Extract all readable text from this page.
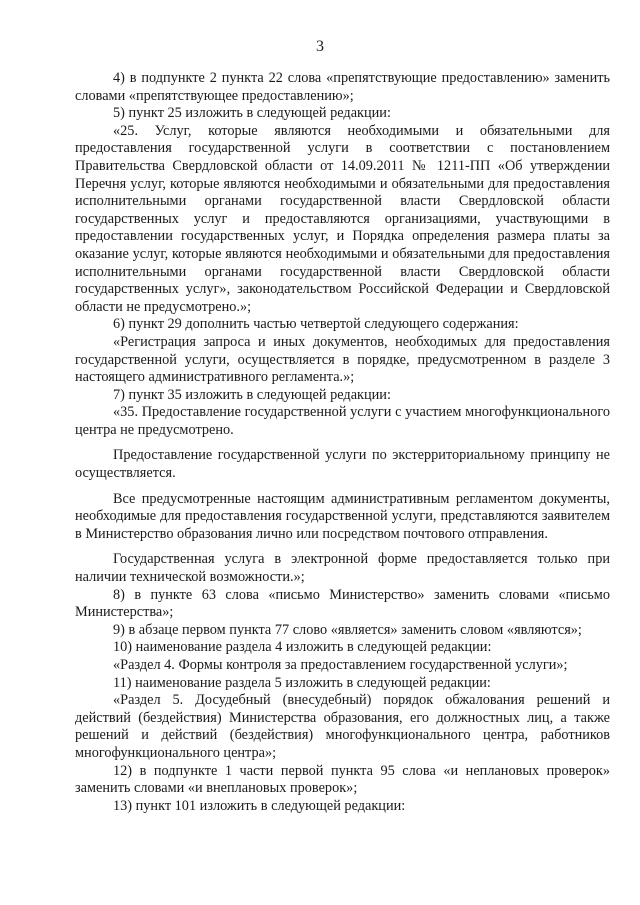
3

4) в подпункте 2 пункта 22 слова «препятствующие предоставлению» заменить словами «препятствующее предоставлению»;

5) пункт 25 изложить в следующей редакции:

«25. Услуг, которые являются необходимыми и обязательными для предоставления государственной услуги в соответствии с постановлением Правительства Свердловской области от 14.09.2011 № 1211-ПП «Об утверждении Перечня услуг, которые являются необходимыми и обязательными для предоставления исполнительными органами государственной власти Свердловской области государственных услуг и предоставляются организациями, участвующими в предоставлении государственных услуг, и Порядка определения размера платы за оказание услуг, которые являются необходимыми и обязательными для предоставления исполнительными органами государственной власти Свердловской области государственных услуг», законодательством Российской Федерации и Свердловской области не предусмотрено.»;

6) пункт 29 дополнить частью четвертой следующего содержания:

«Регистрация запроса и иных документов, необходимых для предоставления государственной услуги, осуществляется в порядке, предусмотренном в разделе 3 настоящего административного регламента.»;

7) пункт 35 изложить в следующей редакции:

«35. Предоставление государственной услуги с участием многофункционального центра не предусмотрено.

Предоставление государственной услуги по экстерриториальному принципу не осуществляется.

Все предусмотренные настоящим административным регламентом документы, необходимые для предоставления государственной услуги, представляются заявителем в Министерство образования лично или посредством почтового отправления.

Государственная услуга в электронной форме предоставляется только при наличии технической возможности.»;

8) в пункте 63 слова «письмо Министерство» заменить словами «письмо Министерства»;

9) в абзаце первом пункта 77 слово «является» заменить словом «являются»;

10) наименование раздела 4 изложить в следующей редакции:

«Раздел 4. Формы контроля за предоставлением государственной услуги»;

11) наименование раздела 5 изложить в следующей редакции:

«Раздел 5. Досудебный (внесудебный) порядок обжалования решений и действий (бездействия) Министерства образования, его должностных лиц, а также решений и действий (бездействия) многофункционального центра, работников многофункционального центра»;

12) в подпункте 1 части первой пункта 95 слова «и неплановых проверок» заменить словами «и внеплановых проверок»;

13) пункт 101 изложить в следующей редакции:
